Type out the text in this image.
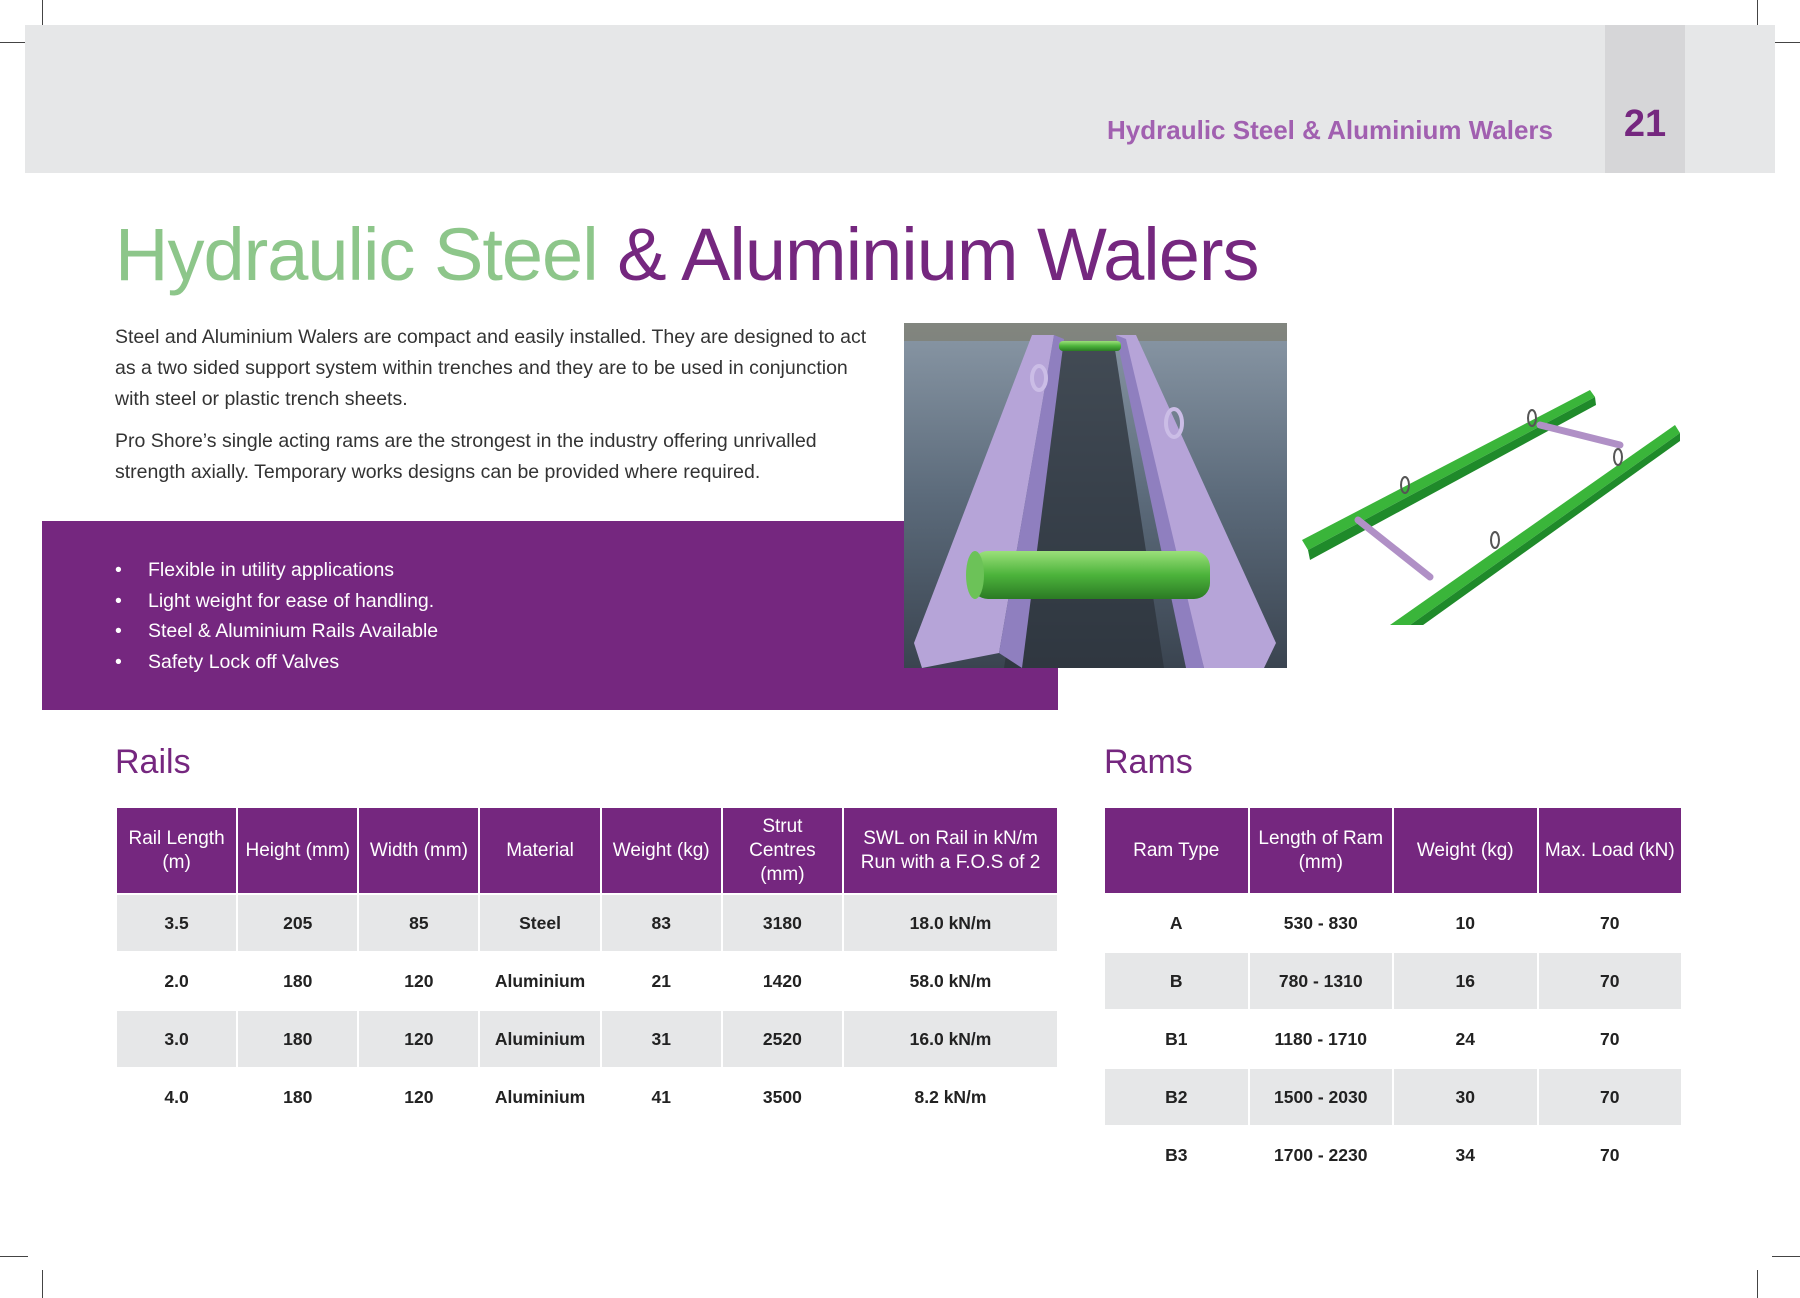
21
Hydraulic Steel & Aluminium Walers
Hydraulic Steel & Aluminium Walers

Steel and Aluminium Walers are compact and easily installed. They are designed to act as a two sided support system within trenches and they are to be used in conjunction with steel or plastic trench sheets.

Pro Shore’s single acting rams are the strongest in the industry offering unrivalled strength axially. Temporary works designs can be provided where required.

• Flexible in utility applications
• Light weight for ease of handling.
• Steel & Aluminium Rails Available
• Safety Lock off Valves
Rails	Rams
Rail Length (m)	Height (mm)	Width (mm)	Material	Weight (kg)	Strut Centres (mm)	SWL on Rail in kN/m Run with a F.O.S of 2
3.5	205	85	Steel	83	3180	18.0 kN/m
2.0	180	120	Aluminium	21	1420	58.0 kN/m
3.0	180	120	Aluminium	31	2520	16.0 kN/m
4.0	180	120	Aluminium	41	3500	8.2 kN/m
Ram Type	Length of Ram (mm)	Weight (kg)	Max. Load (kN)
A	530 - 830	10	70
B	780 - 1310	16	70
B1	1180 - 1710	24	70
B2	1500 - 2030	30	70
B3	1700 - 2230	34	70
